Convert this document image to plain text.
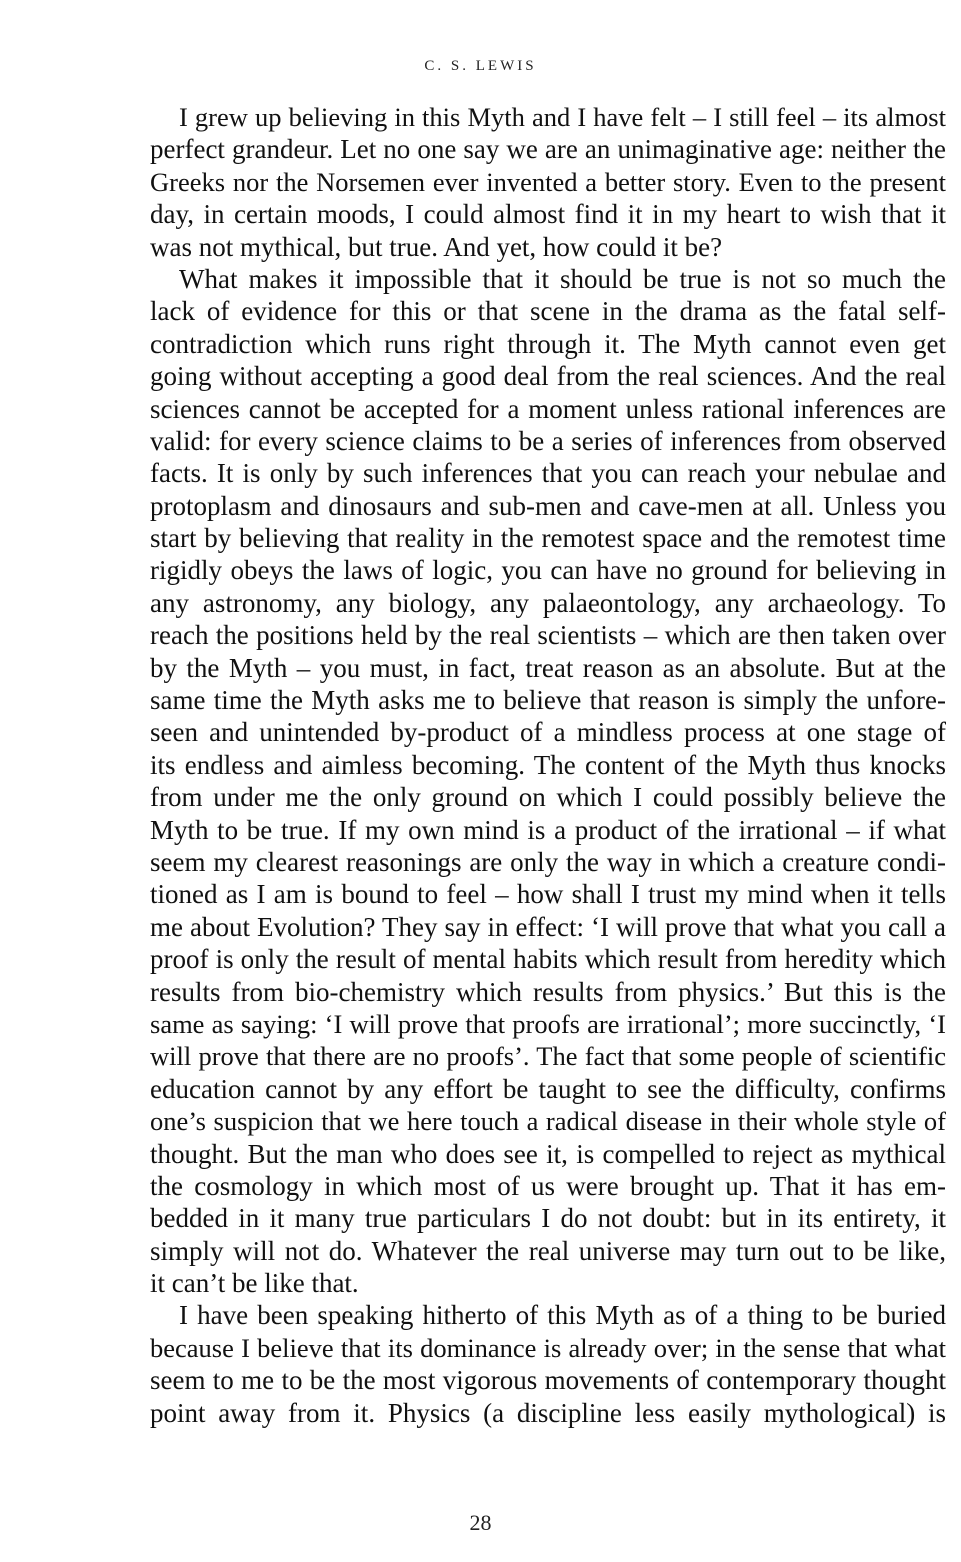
C. S. LEWIS

I grew up believing in this Myth and I have felt – I still feel – its almost
perfect grandeur. Let no one say we are an unimaginative age: neither the
Greeks nor the Norsemen ever invented a better story. Even to the present
day, in certain moods, I could almost find it in my heart to wish that it
was not mythical, but true. And yet, how could it be?

What makes it impossible that it should be true is not so much the
lack of evidence for this or that scene in the drama as the fatal self-
contradiction which runs right through it. The Myth cannot even get
going without accepting a good deal from the real sciences. And the real
sciences cannot be accepted for a moment unless rational inferences are
valid: for every science claims to be a series of inferences from observed
facts. It is only by such inferences that you can reach your nebulae and
protoplasm and dinosaurs and sub-men and cave-men at all. Unless you
start by believing that reality in the remotest space and the remotest time
rigidly obeys the laws of logic, you can have no ground for believing in
any astronomy, any biology, any palaeontology, any archaeology. To
reach the positions held by the real scientists – which are then taken over
by the Myth – you must, in fact, treat reason as an absolute. But at the
same time the Myth asks me to believe that reason is simply the unfore-
seen and unintended by-product of a mindless process at one stage of
its endless and aimless becoming. The content of the Myth thus knocks
from under me the only ground on which I could possibly believe the
Myth to be true. If my own mind is a product of the irrational – if what
seem my clearest reasonings are only the way in which a creature condi-
tioned as I am is bound to feel – how shall I trust my mind when it tells
me about Evolution? They say in effect: ‘I will prove that what you call a
proof is only the result of mental habits which result from heredity which
results from bio-chemistry which results from physics.’ But this is the
same as saying: ‘I will prove that proofs are irrational’; more succinctly, ‘I
will prove that there are no proofs’. The fact that some people of scientific
education cannot by any effort be taught to see the difficulty, confirms
one’s suspicion that we here touch a radical disease in their whole style of
thought. But the man who does see it, is compelled to reject as mythical
the cosmology in which most of us were brought up. That it has em-
bedded in it many true particulars I do not doubt: but in its entirety, it
simply will not do. Whatever the real universe may turn out to be like,
it can’t be like that.

I have been speaking hitherto of this Myth as of a thing to be buried
because I believe that its dominance is already over; in the sense that what
seem to me to be the most vigorous movements of contemporary thought
point away from it. Physics (a discipline less easily mythological) is

28
